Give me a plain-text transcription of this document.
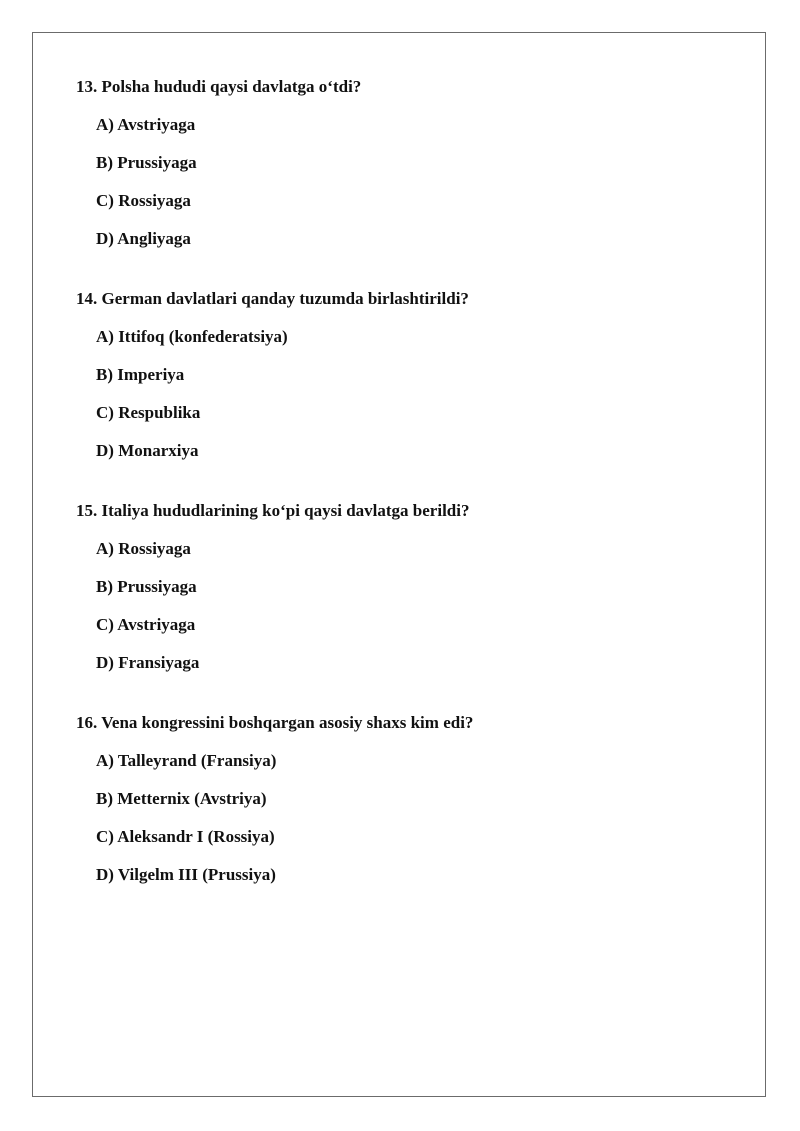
13. Polsha hududi qaysi davlatga o‘tdi?
A) Avstriyaga
B) Prussiyaga
C) Rossiyaga
D) Angliyaga
14. German davlatlari qanday tuzumda birlashtirildi?
A) Ittifoq (konfederatsiya)
B) Imperiya
C) Respublika
D) Monarxiya
15. Italiya hududlarining ko‘pi qaysi davlatga berildi?
A) Rossiyaga
B) Prussiyaga
C) Avstriyaga
D) Fransiyaga
16. Vena kongressini boshqargan asosiy shaxs kim edi?
A) Talleyrand (Fransiya)
B) Metternix (Avstriya)
C) Aleksandr I (Rossiya)
D) Vilgelm III (Prussiya)
